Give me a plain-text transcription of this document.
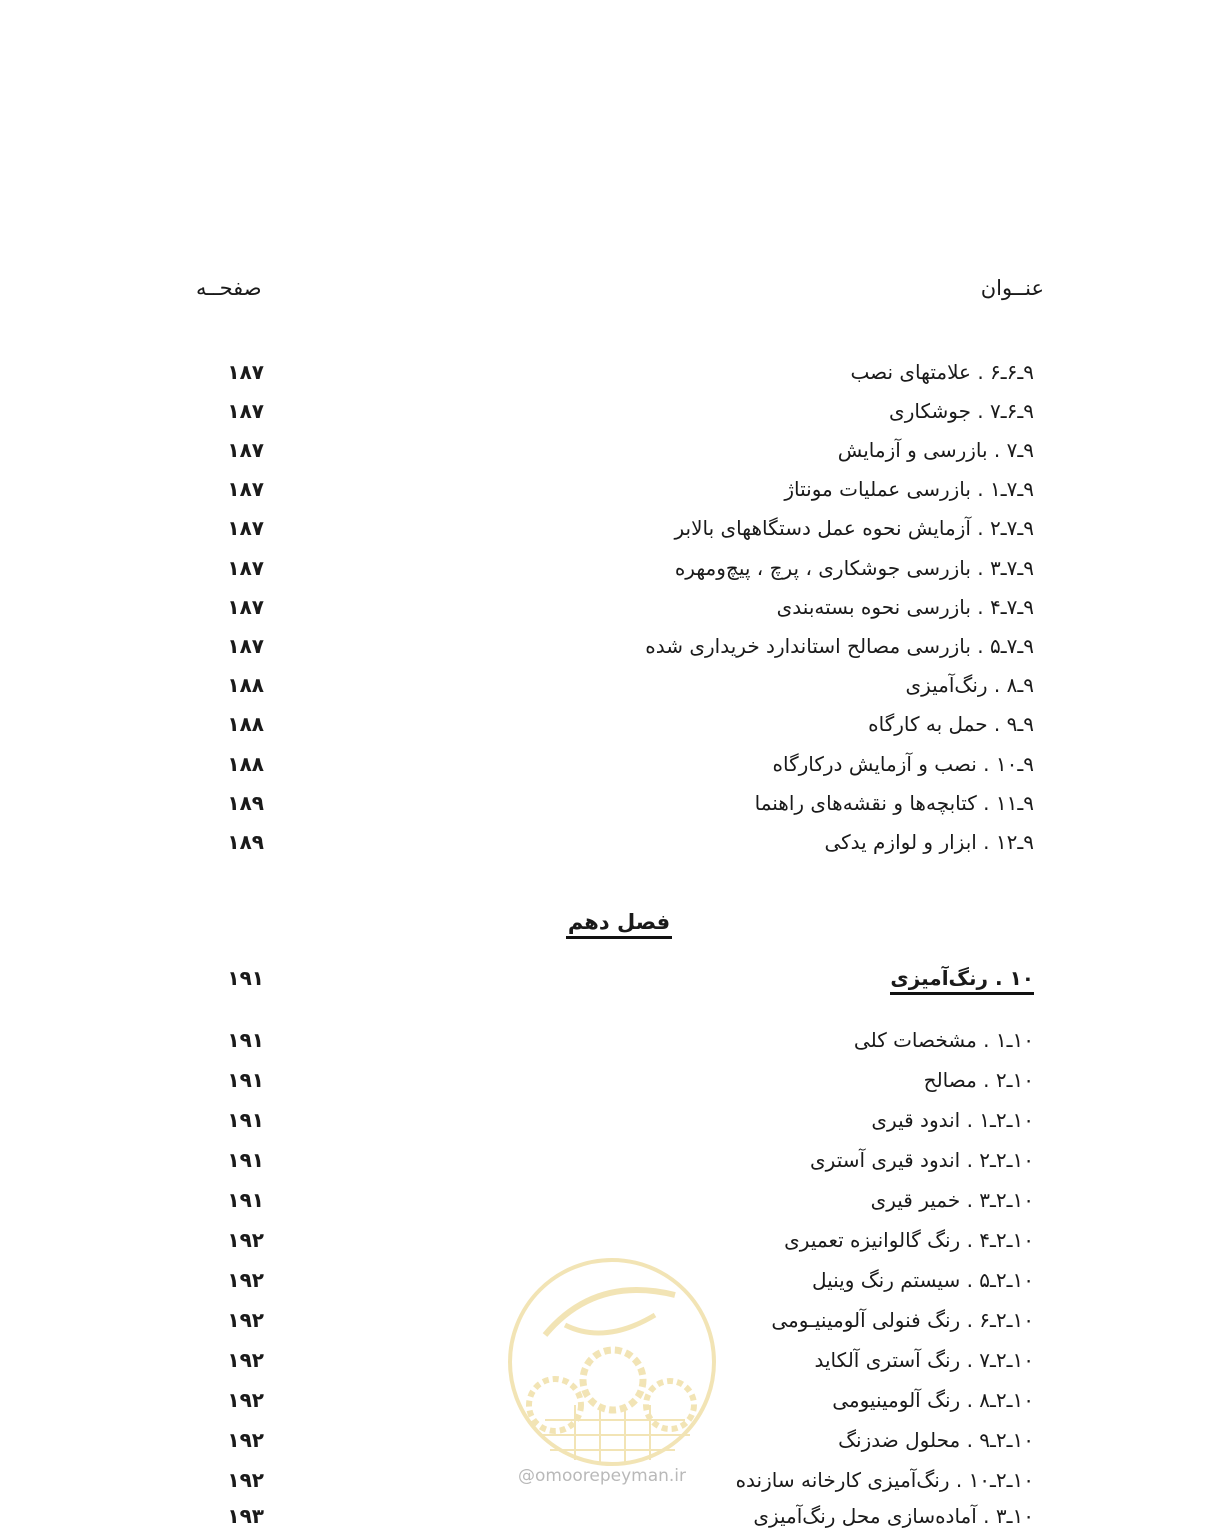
عنــوان
صفحــه
۹ـ۶ـ۶ . علامتهای نصب
۱۸۷
۹ـ۶ـ۷ . جوشکاری
۱۸۷
۹ـ۷ . بازرسی و آزمایش
۱۸۷
۹ـ۷ـ۱ . بازرسی عملیات مونتاژ
۱۸۷
۹ـ۷ـ۲ . آزمایش نحوه عمل دستگاههای بالابر
۱۸۷
۹ـ۷ـ۳ . بازرسی جوشکاری ، پرچ ، پیچ‌ومهره
۱۸۷
۹ـ۷ـ۴ . بازرسی نحوه بسته‌بندی
۱۸۷
۹ـ۷ـ۵ . بازرسی مصالح استاندارد خریداری شده
۱۸۷
۹ـ۸ . رنگ‌آمیزی
۱۸۸
۹ـ۹ . حمل به کارگاه
۱۸۸
۹ـ۱۰ . نصب و آزمایش درکارگاه
۱۸۸
۹ـ۱۱ . کتابچه‌ها و نقشه‌های راهنما
۱۸۹
۹ـ۱۲ . ابزار و لوازم یدکی
۱۸۹
فصل دهم
۱۰ . رنگ‌آمیزی
۱۹۱
۱۰ـ۱ . مشخصات کلی
۱۹۱
۱۰ـ۲ . مصالح
۱۹۱
۱۰ـ۲ـ۱ . اندود قیری
۱۹۱
۱۰ـ۲ـ۲ . اندود قیری آستری
۱۹۱
۱۰ـ۲ـ۳ . خمیر قیری
۱۹۱
۱۰ـ۲ـ۴ . رنگ گالوانیزه تعمیری
۱۹۲
۱۰ـ۲ـ۵ . سیستم رنگ وینیل
۱۹۲
۱۰ـ۲ـ۶ . رنگ فنولی آلومینیـومی
۱۹۲
۱۰ـ۲ـ۷ . رنگ آستری آلکاید
۱۹۲
۱۰ـ۲ـ۸ . رنگ آلومینیومی
۱۹۲
۱۰ـ۲ـ۹ . محلول ضدزنگ
۱۹۲
۱۰ـ۲ـ۱۰ . رنگ‌آمیزی کارخانه سازنده
۱۹۲
۱۰ـ۳ . آماده‌سازی محل رنگ‌آمیزی
۱۹۳
@omoorepeyman.ir
